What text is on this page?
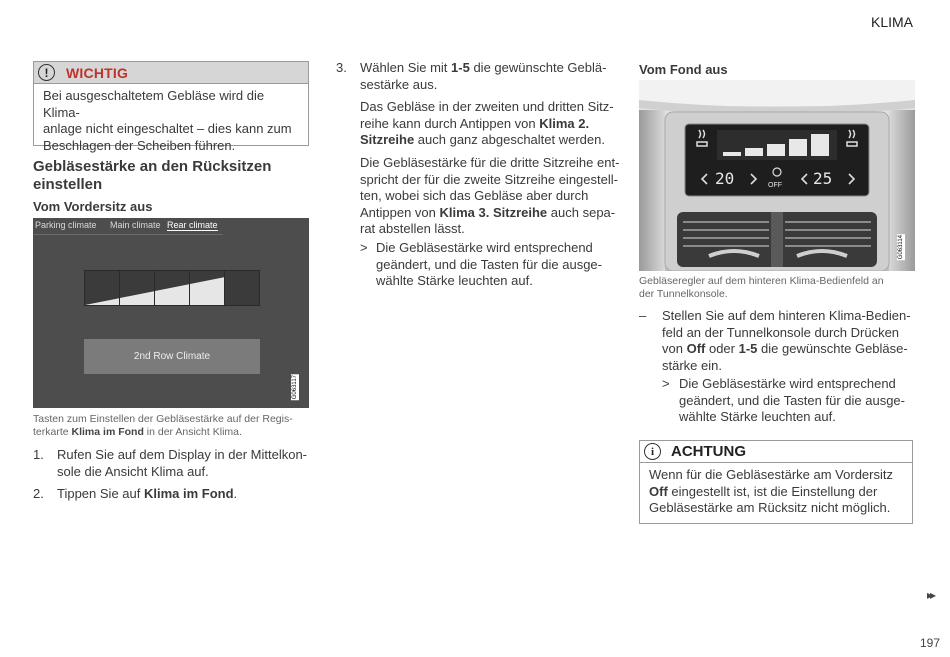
KLIMA
!	WICHTIG
Bei ausgeschaltetem Gebläse wird die Klima-
anlage nicht eingeschaltet – dies kann zum
Beschlagen der Scheiben führen.
Gebläsestärke an den Rücksitzen
einstellen
Vom Vordersitz aus
Parking climate Main climate Rear climate
2nd Row Climate
G063117
Tasten zum Einstellen der Gebläsestärke auf der Regis-
terkarte Klima im Fond in der Ansicht Klima.
1. Rufen Sie auf dem Display in der Mittelkon-
sole die Ansicht Klima auf.
2. Tippen Sie auf Klima im Fond.
3. Wählen Sie mit 1-5 die gewünschte Geblä-
sestärke aus.
Das Gebläse in der zweiten und dritten Sitz-
reihe kann durch Antippen von Klima 2.
Sitzreihe auch ganz abgeschaltet werden.
Die Gebläsestärke für die dritte Sitzreihe ent-
spricht der für die zweite Sitzreihe eingestell-
ten, wobei sich das Gebläse aber durch
Antippen von Klima 3. Sitzreihe auch sepa-
rat abstellen lässt.
> Die Gebläsestärke wird entsprechend
geändert, und die Tasten für die ausge-
wählte Stärke leuchten auf.
Vom Fond aus
20	25
OFF
G063114
Gebläseregler auf dem hinteren Klima-Bedienfeld an
der Tunnelkonsole.
– Stellen Sie auf dem hinteren Klima-Bedien-
feld an der Tunnelkonsole durch Drücken
von Off oder 1-5 die gewünschte Gebläse-
stärke ein.
> Die Gebläsestärke wird entsprechend
geändert, und die Tasten für die ausge-
wählte Stärke leuchten auf.
i	ACHTUNG
Wenn für die Gebläsestärke am Vordersitz
Off eingestellt ist, ist die Einstellung der
Gebläsestärke am Rücksitz nicht möglich.
▸▸
197
